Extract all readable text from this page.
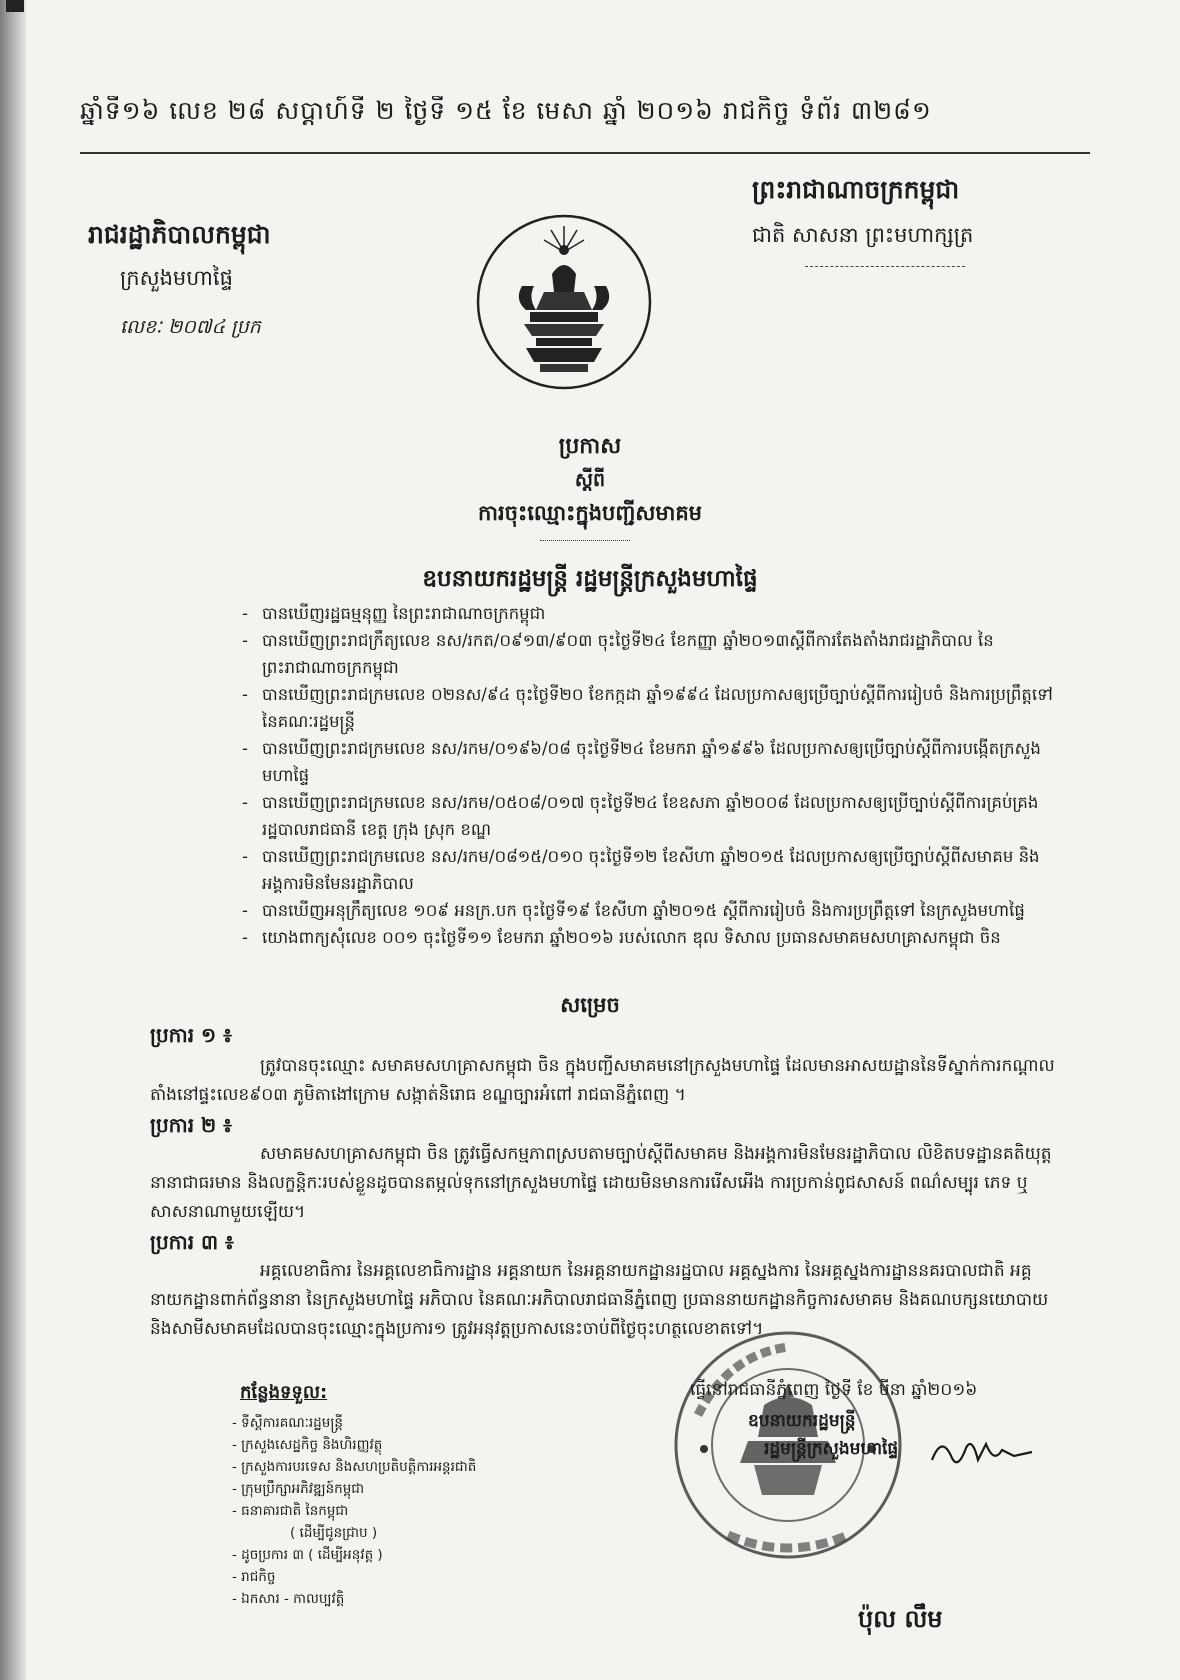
ឆ្នាំទី១៦ លេខ ២៨ សប្តាហ៍ទី ២ ថ្ងៃទី ១៥ ខែ មេសា ឆ្នាំ ២០១៦ រាជកិច្ច ទំព័រ ៣២៨១
ព្រះរាជាណាចក្រកម្ពុជា
ជាតិ សាសនា ព្រះមហាក្សត្រ
រាជរដ្ឋាភិបាលកម្ពុជា
ក្រសួងមហាផ្ទៃ
លេខៈ ២០៧៤ ប្រក
ប្រកាស
ស្តីពី
ការចុះឈ្មោះក្នុងបញ្ជីសមាគម
ឧបនាយករដ្ឋមន្ត្រី រដ្ឋមន្ត្រីក្រសួងមហាផ្ទៃ
- បានឃើញរដ្ឋធម្មនុញ្ញ នៃព្រះរាជាណាចក្រកម្ពុជា
- បានឃើញព្រះរាជក្រឹត្យលេខ នស/រកត/០៩១៣/៩០៣ ចុះថ្ងៃទី២៤ ខែកញ្ញា ឆ្នាំ២០១៣ស្តីពីការតែងតាំងរាជរដ្ឋាភិបាល នៃព្រះរាជាណាចក្រកម្ពុជា
- បានឃើញព្រះរាជក្រមលេខ ០២នស/៩៤ ចុះថ្ងៃទី២០ ខែកក្កដា ឆ្នាំ១៩៩៤ ដែលប្រកាសឲ្យប្រើច្បាប់ស្តីពីការរៀបចំ និងការប្រព្រឹត្តទៅ នៃគណៈរដ្ឋមន្ត្រី
- បានឃើញព្រះរាជក្រមលេខ នស/រកម/០១៩៦/០៨ ចុះថ្ងៃទី២៤ ខែមករា ឆ្នាំ១៩៩៦ ដែលប្រកាសឲ្យប្រើច្បាប់ស្តីពីការបង្កើតក្រសួងមហាផ្ទៃ
- បានឃើញព្រះរាជក្រមលេខ នស/រកម/០៥០៨/០១៧ ចុះថ្ងៃទី២៤ ខែឧសភា ឆ្នាំ២០០៨ ដែលប្រកាសឲ្យប្រើច្បាប់ស្តីពីការគ្រប់គ្រងរដ្ឋបាលរាជធានី ខេត្ត ក្រុង ស្រុក ខណ្ឌ
- បានឃើញព្រះរាជក្រមលេខ នស/រកម/០៨១៥/០១០ ចុះថ្ងៃទី១២ ខែសីហា ឆ្នាំ២០១៥ ដែលប្រកាសឲ្យប្រើច្បាប់ស្តីពីសមាគម និងអង្គការមិនមែនរដ្ឋាភិបាល
- បានឃើញអនុក្រឹត្យលេខ ១០៩ អនក្រ.បក ចុះថ្ងៃទី១៩ ខែសីហា ឆ្នាំ២០១៥ ស្តីពីការរៀបចំ និងការប្រព្រឹត្តទៅ នៃក្រសួងមហាផ្ទៃ
- យោងពាក្យសុំលេខ ០០១ ចុះថ្ងៃទី១១ ខែមករា ឆ្នាំ២០១៦ របស់លោក ឌុល ទិសាល ប្រធានសមាគមសហគ្រាសកម្ពុជា ចិន
សម្រេច
ប្រការ ១ ៖
ត្រូវបានចុះឈ្មោះ សមាគមសហគ្រាសកម្ពុជា ចិន ក្នុងបញ្ជីសមាគមនៅក្រសួងមហាផ្ទៃ ដែលមានអាសយដ្ឋាននៃទីស្នាក់ការកណ្តាលតាំងនៅផ្ទះលេខ៩០៣ ភូមិតាងៅក្រោម សង្កាត់និរោធ ខណ្ឌច្បារអំពៅ រាជធានីភ្នំពេញ ។
ប្រការ ២ ៖
សមាគមសហគ្រាសកម្ពុជា ចិន ត្រូវធ្វើសកម្មភាពស្របតាមច្បាប់ស្តីពីសមាគម និងអង្គការមិនមែនរដ្ឋាភិបាល លិខិតបទដ្ឋានគតិយុត្តនានាជាធរមាន និងលក្ខន្តិកៈរបស់ខ្លួនដូចបានតម្កល់ទុកនៅក្រសួងមហាផ្ទៃ ដោយមិនមានការរើសអើង ការប្រកាន់ពូជសាសន៍ ពណ៌សម្បុរ ភេទ ឬសាសនាណាមួយឡើយ។
ប្រការ ៣ ៖
អគ្គលេខាធិការ នៃអគ្គលេខាធិការដ្ឋាន អគ្គនាយក នៃអគ្គនាយកដ្ឋានរដ្ឋបាល អគ្គស្នងការ នៃអគ្គស្នងការដ្ឋាននគរបាលជាតិ អគ្គនាយកដ្ឋានពាក់ព័ន្ធនានា នៃក្រសួងមហាផ្ទៃ អភិបាល នៃគណៈអភិបាលរាជធានីភ្នំពេញ ប្រធាននាយកដ្ឋានកិច្ចការសមាគម និងគណបក្សនយោបាយ និងសាមីសមាគមដែលបានចុះឈ្មោះក្នុងប្រការ១ ត្រូវអនុវត្តប្រកាសនេះចាប់ពីថ្ងៃចុះហត្ថលេខាតទៅ។
ធ្វើនៅរាជធានីភ្នំពេញ ថ្ងៃទី ខែ មីនា ឆ្នាំ២០១៦
ឧបនាយករដ្ឋមន្ត្រី
រដ្ឋមន្ត្រីក្រសួងមហាផ្ទៃ
ប៉ុល លឹម
កន្លែងទទួល:
- ទីស្តីការគណៈរដ្ឋមន្ត្រី
- ក្រសួងសេដ្ឋកិច្ច និងហិរញ្ញវត្ថុ
- ក្រសួងការបរទេស និងសហប្រតិបត្តិការអន្តរជាតិ
- ក្រុមប្រឹក្សាអភិវឌ្ឍន៍កម្ពុជា
- ធនាគារជាតិ នៃកម្ពុជា
( ដើម្បីជូនជ្រាប )
- ដូចប្រការ ៣ ( ដើម្បីអនុវត្ត )
- រាជកិច្ច
- ឯកសារ - កាលប្បវត្តិ
